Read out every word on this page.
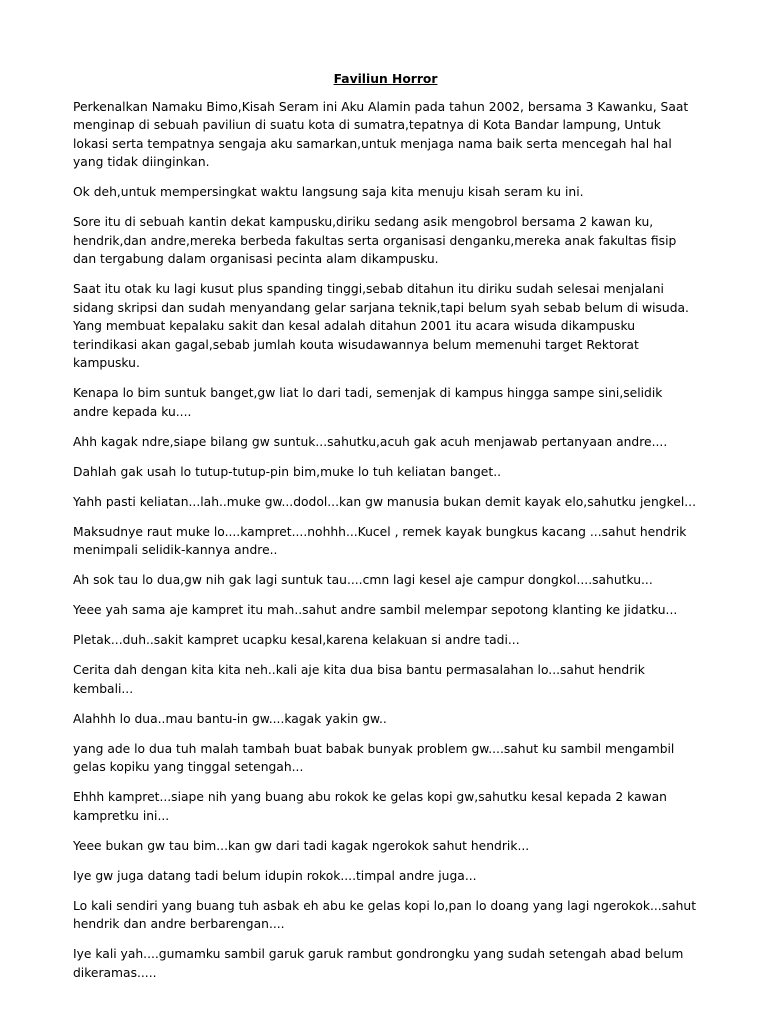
Faviliun Horror

Perkenalkan Namaku Bimo,Kisah Seram ini Aku Alamin pada tahun 2002, bersama 3 Kawanku, Saat menginap di sebuah paviliun di suatu kota di sumatra,tepatnya di Kota Bandar lampung, Untuk lokasi serta tempatnya sengaja aku samarkan,untuk menjaga nama baik serta mencegah hal hal yang tidak diinginkan.

Ok deh,untuk mempersingkat waktu langsung saja kita menuju kisah seram ku ini.

Sore itu di sebuah kantin dekat kampusku,diriku sedang asik mengobrol bersama 2 kawan ku, hendrik,dan andre,mereka berbeda fakultas serta organisasi denganku,mereka anak fakultas fisip dan tergabung dalam organisasi pecinta alam dikampusku.

Saat itu otak ku lagi kusut plus spanding tinggi,sebab ditahun itu diriku sudah selesai menjalani sidang skripsi dan sudah menyandang gelar sarjana teknik,tapi belum syah sebab belum di wisuda. Yang membuat kepalaku sakit dan kesal adalah ditahun 2001 itu acara wisuda dikampusku terindikasi akan gagal,sebab jumlah kouta wisudawannya belum memenuhi target Rektorat kampusku.

Kenapa lo bim suntuk banget,gw liat lo dari tadi, semenjak di kampus hingga sampe sini,selidik andre kepada ku....

Ahh kagak ndre,siape bilang gw suntuk...sahutku,acuh gak acuh menjawab pertanyaan andre....

Dahlah gak usah lo tutup-tutup-pin bim,muke lo tuh keliatan banget..

Yahh pasti keliatan...lah..muke gw...dodol...kan gw manusia bukan demit kayak elo,sahutku jengkel...

Maksudnye raut muke lo....kampret....nohhh...Kucel , remek kayak bungkus kacang ...sahut hendrik menimpali selidik-kannya andre..

Ah sok tau lo dua,gw nih gak lagi suntuk tau....cmn lagi kesel aje campur dongkol....sahutku...

Yeee yah sama aje kampret itu mah..sahut andre sambil melempar sepotong klanting ke jidatku...

Pletak...duh..sakit kampret ucapku kesal,karena kelakuan si andre tadi...

Cerita dah dengan kita kita neh..kali aje kita dua bisa bantu permasalahan lo...sahut hendrik kembali...

Alahhh lo dua..mau bantu-in gw....kagak yakin gw..

yang ade lo dua tuh malah tambah buat babak bunyak problem gw....sahut ku sambil mengambil gelas kopiku yang tinggal setengah...

Ehhh kampret...siape nih yang buang abu rokok ke gelas kopi gw,sahutku kesal kepada 2 kawan kampretku ini...

Yeee bukan gw tau bim...kan gw dari tadi kagak ngerokok sahut hendrik...

Iye gw juga datang tadi belum idupin rokok....timpal andre juga...

Lo kali sendiri yang buang tuh asbak eh abu ke gelas kopi lo,pan lo doang yang lagi ngerokok...sahut hendrik dan andre berbarengan....

Iye kali yah....gumamku sambil garuk garuk rambut gondrongku yang sudah setengah abad belum dikeramas.....
